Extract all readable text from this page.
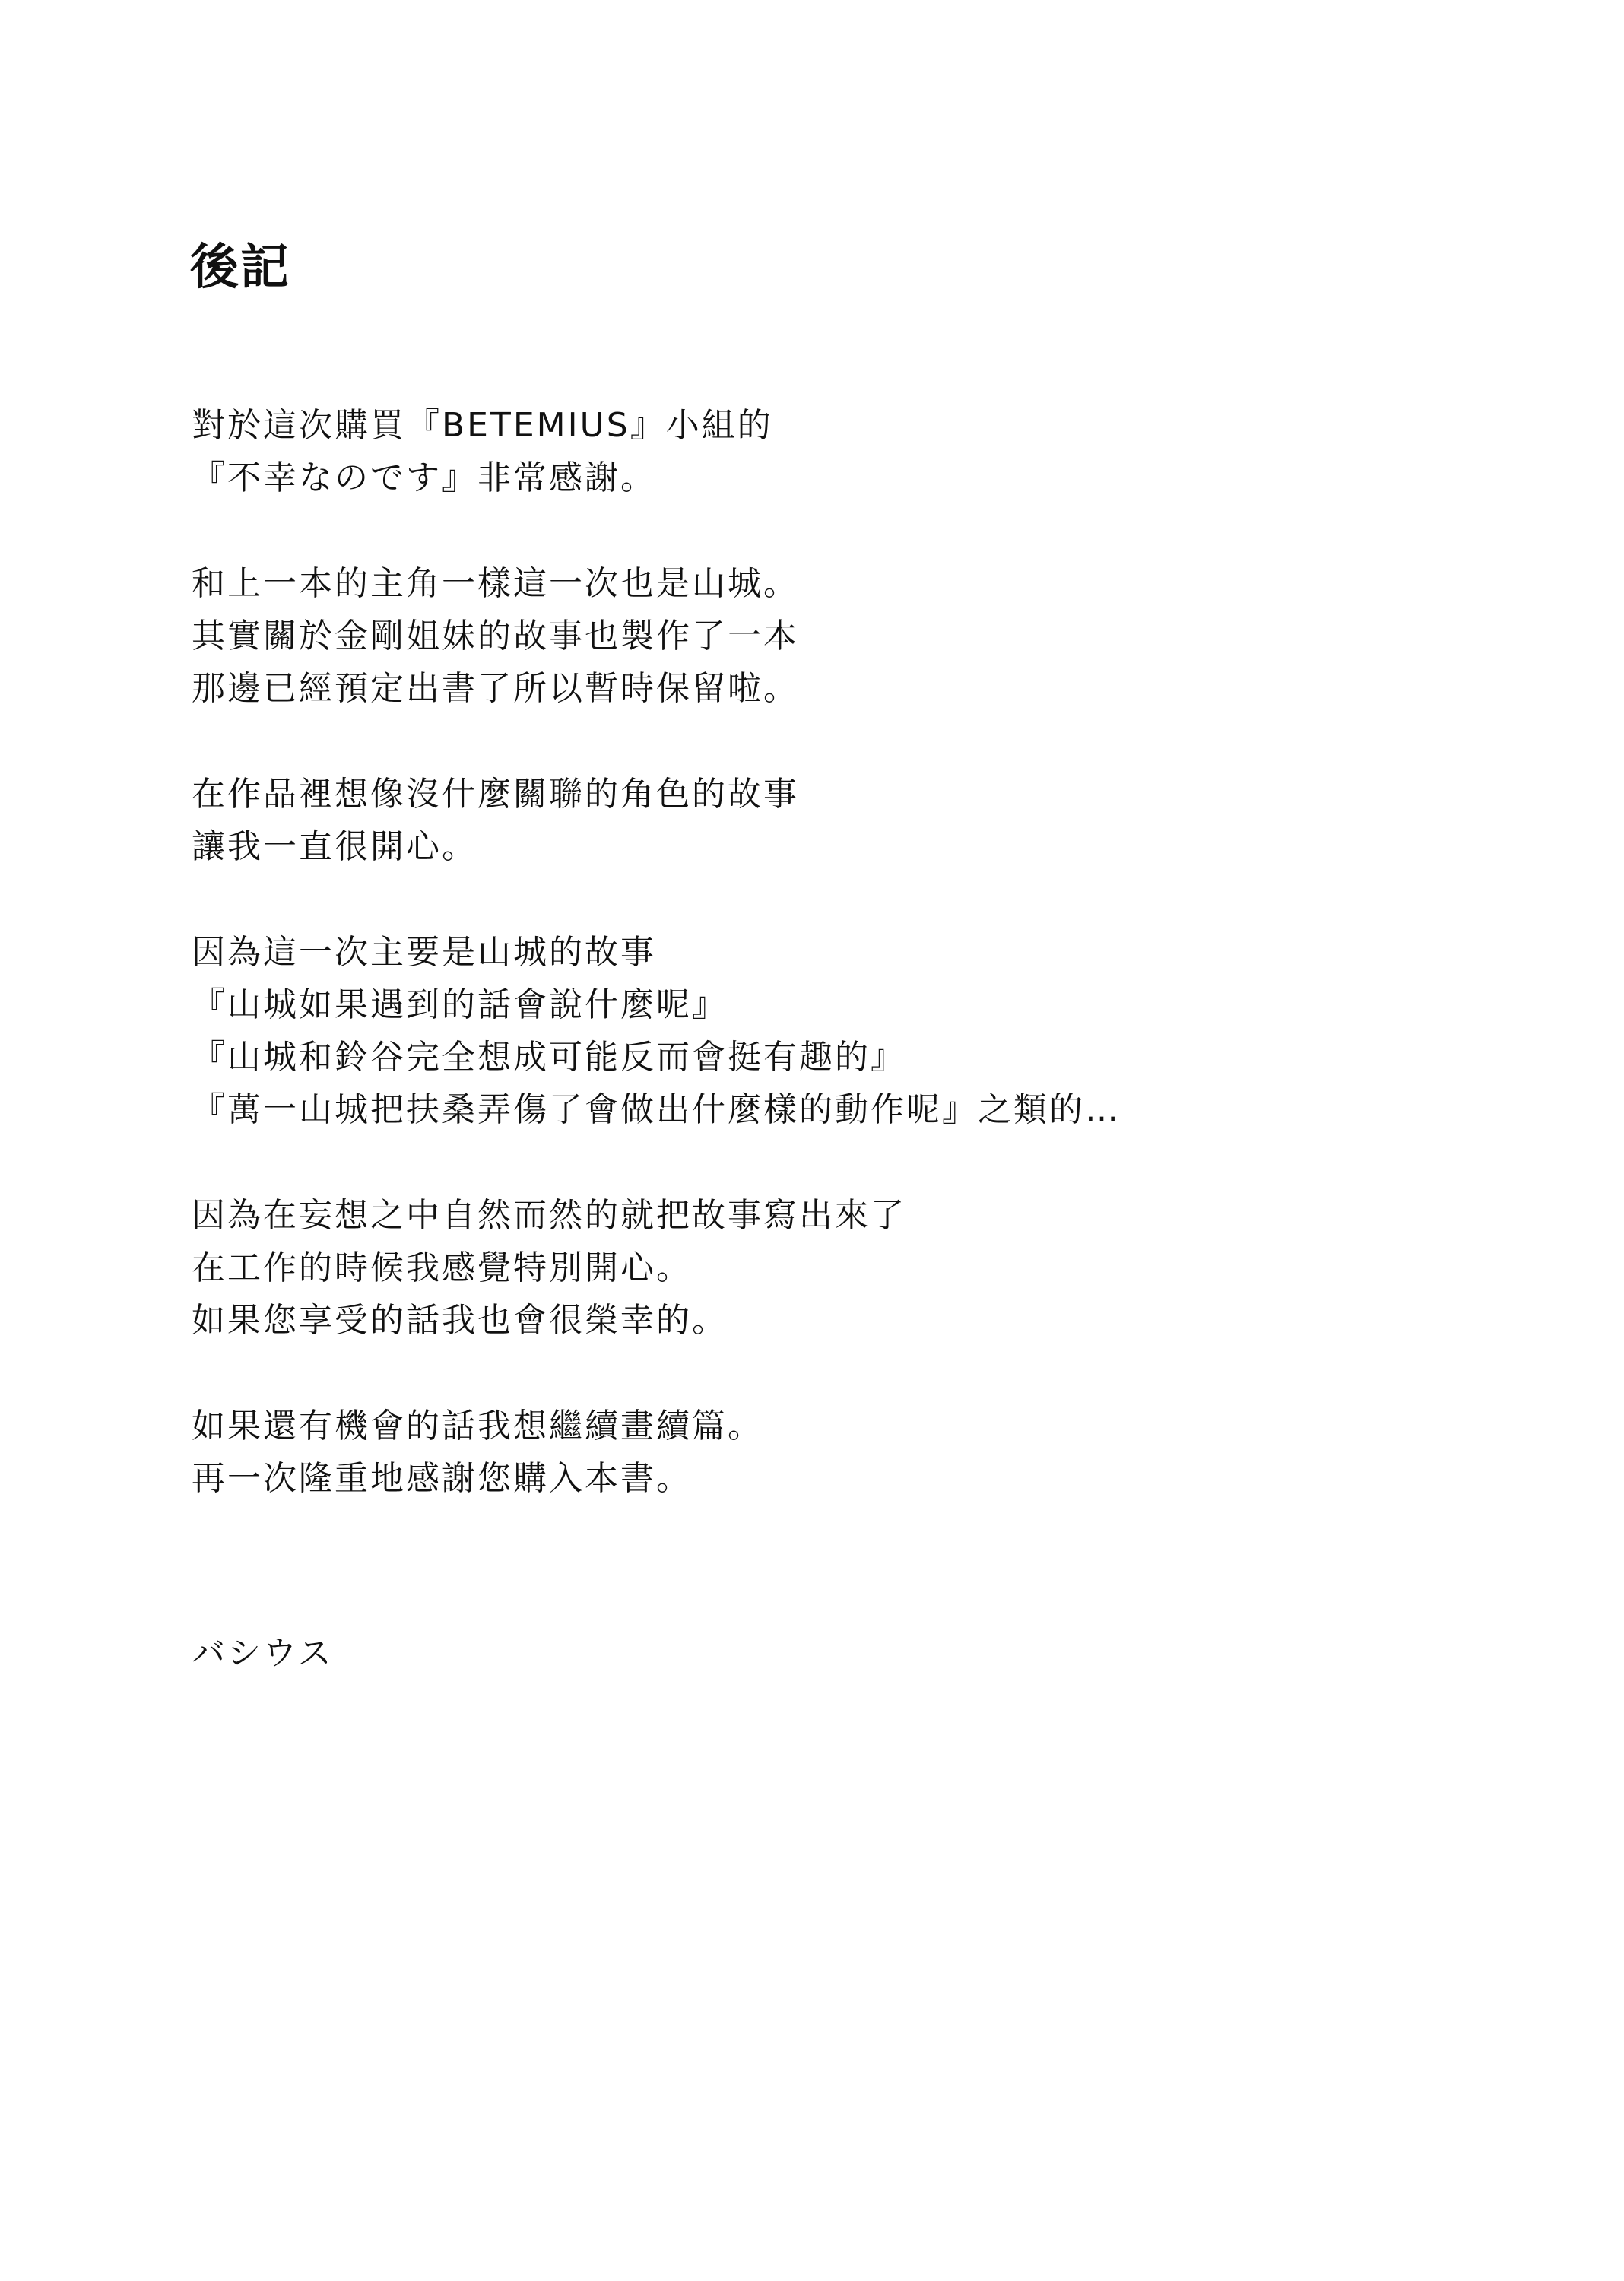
後記
對於這次購買『BETEMIUS』小組的
『不幸なのです』非常感謝。
和上一本的主角一樣這一次也是山城。
其實關於金剛姐妹的故事也製作了一本
那邊已經預定出書了所以暫時保留啦。
在作品裡想像沒什麼關聯的角色的故事
讓我一直很開心。
因為這一次主要是山城的故事
『山城如果遇到的話會說什麼呢』
『山城和鈴谷完全想成可能反而會挺有趣的』
『萬一山城把扶桑弄傷了會做出什麼樣的動作呢』之類的…
因為在妄想之中自然而然的就把故事寫出來了
在工作的時候我感覺特別開心。
如果您享受的話我也會很榮幸的。
如果還有機會的話我想繼續畫續篇。
再一次隆重地感謝您購入本書。

バシウス
